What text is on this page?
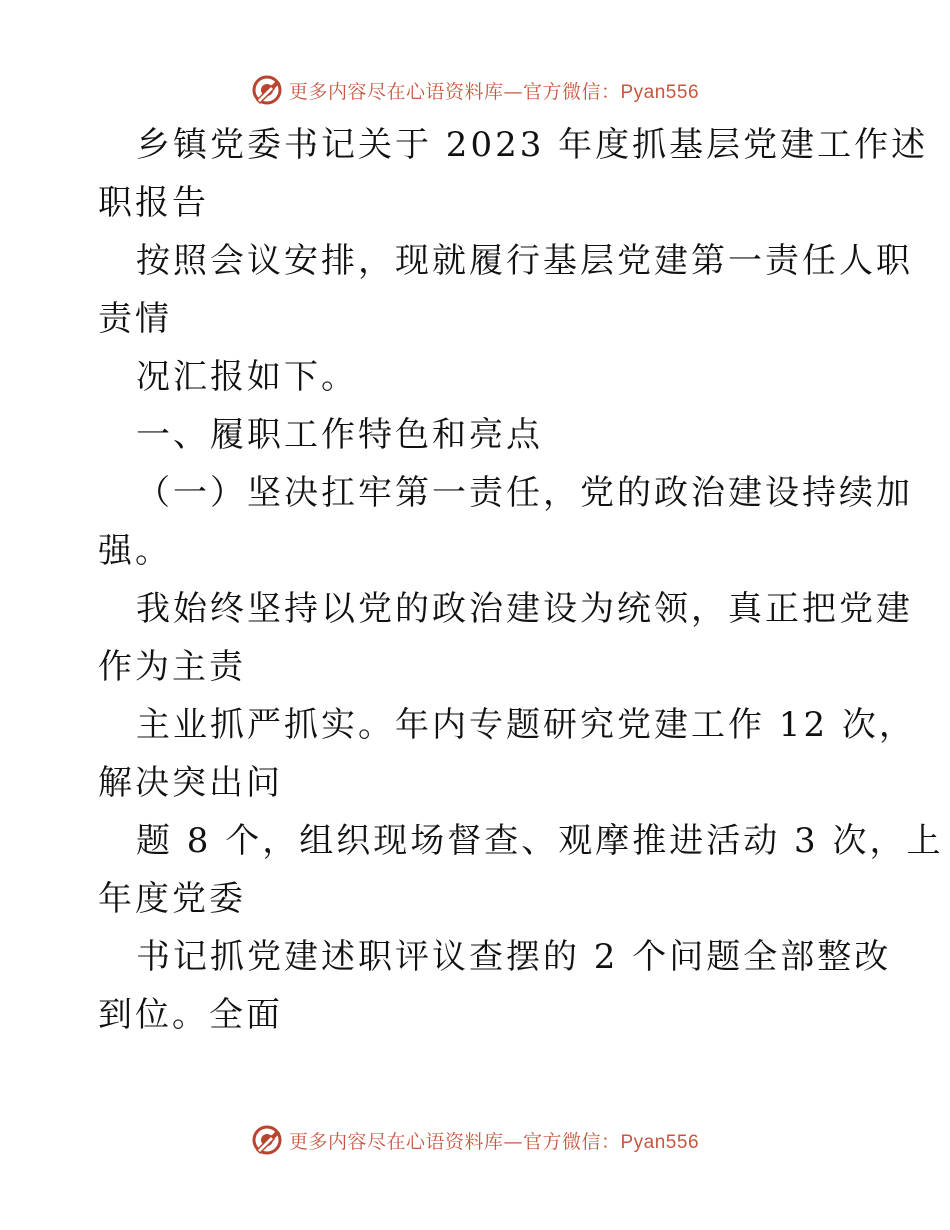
更多内容尽在心语资料库—官方微信：Pyan556

乡镇党委书记关于 2023 年度抓基层党建工作述

职报告

按照会议安排，现就履行基层党建第一责任人职

责情

况汇报如下。

一、履职工作特色和亮点

（一）坚决扛牢第一责任，党的政治建设持续加

强。

我始终坚持以党的政治建设为统领，真正把党建

作为主责

主业抓严抓实。年内专题研究党建工作 12 次，

解决突出问

题 8 个，组织现场督查、观摩推进活动 3 次，上

年度党委

书记抓党建述职评议查摆的 2 个问题全部整改

到位。全面

更多内容尽在心语资料库—官方微信：Pyan556
